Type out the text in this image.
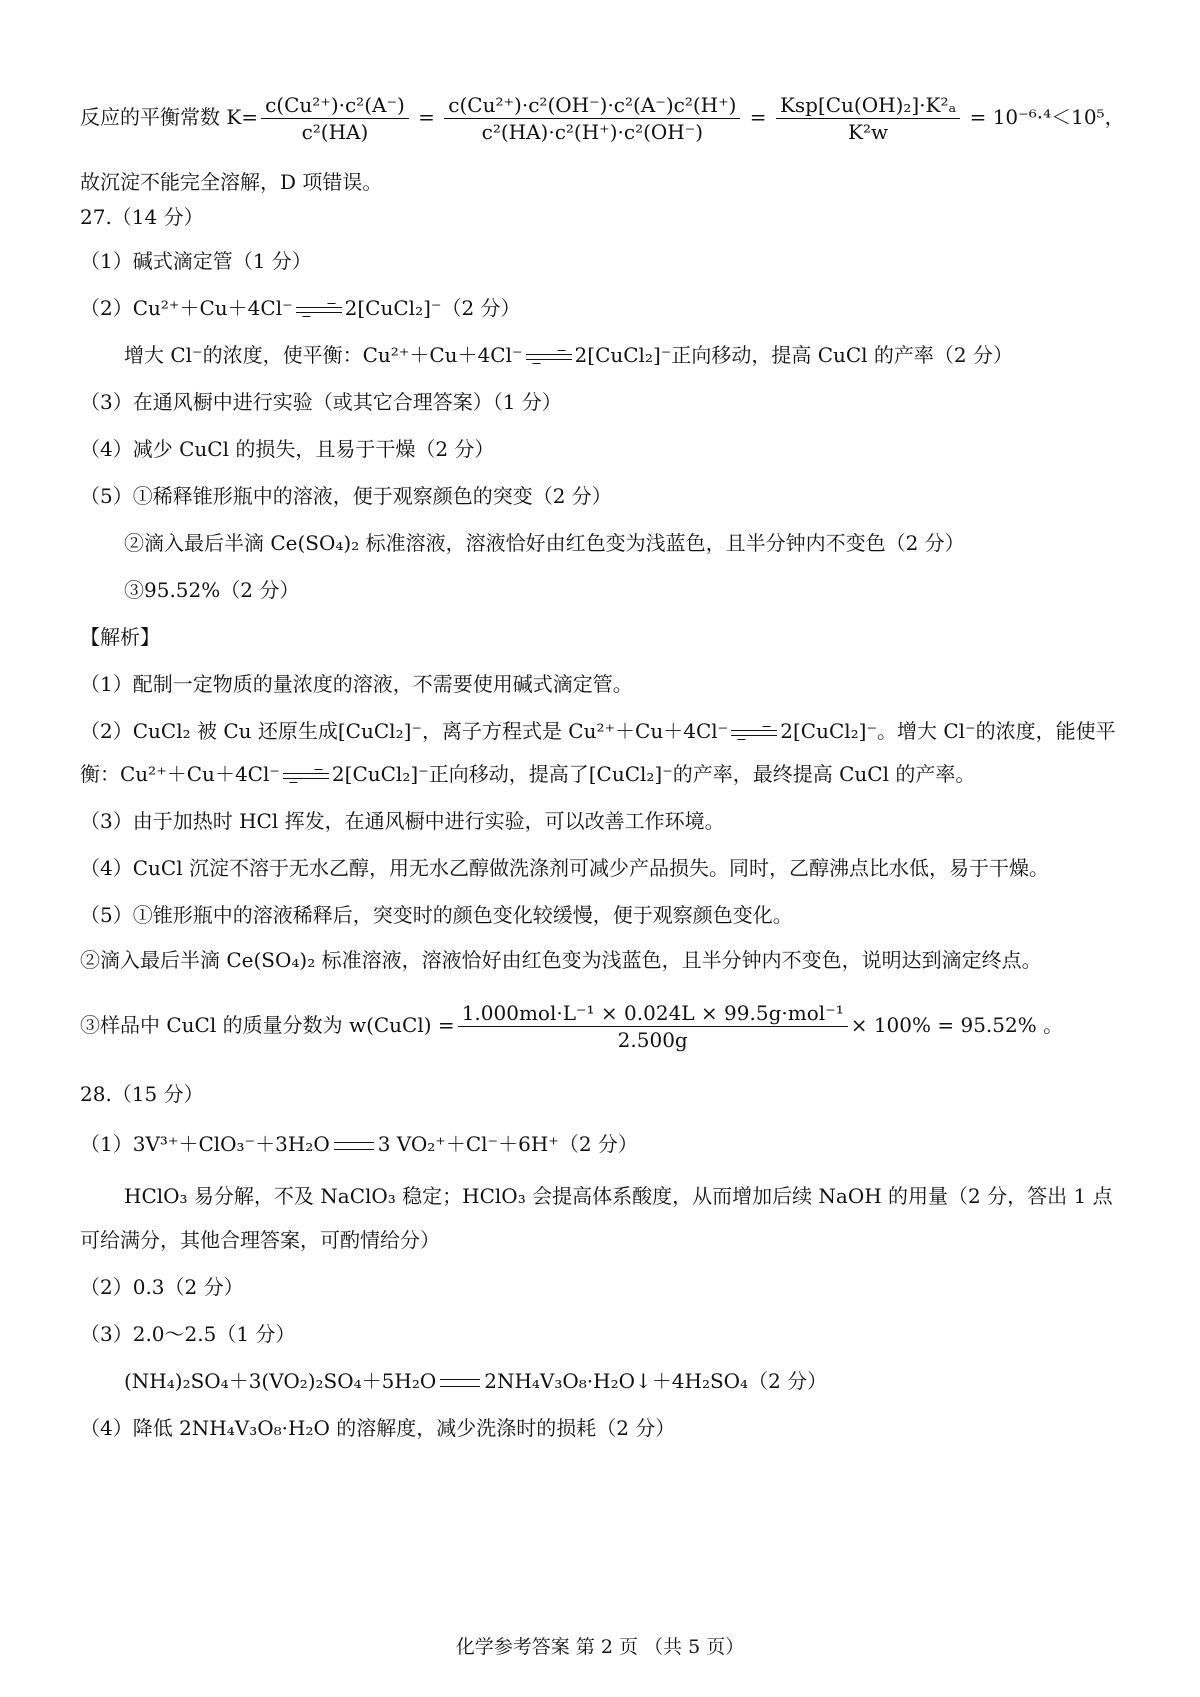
反应的平衡常数 $K= \frac{\text{c(Cu²⁺)·c²(A⁻)}}{\text{c²(HA)}} = \frac{\text{c(Cu²⁺)·c²(OH⁻)·c²(A⁻)c²(H⁺)}}{\text{c²(HA)·c²(H⁺)·c²(OH⁻)}} = \frac{\text{Ksp[Cu(OH)₂]·K²ₐ}}{\text{K²w}} = 10^{-6}\cdot^4<10^5$，
故沉淀不能完全溶解，D 项错误。
27.（14 分）
（1）碱式滴定管（1 分）
（2）Cu²⁺＋Cu＋4Cl⁻	2[CuCl₂]⁻（2 分）
增大 Cl⁻的浓度，使平衡：Cu²⁺＋Cu＋4Cl⁻	2[CuCl₂]⁻正向移动，提高 CuCl 的产率（2 分）
（3）在通风橱中进行实验（或其它合理答案）（1 分）
（4）减少 CuCl 的损失，且易于干燥（2 分）
（5）①稀释锥形瓶中的溶液，便于观察颜色的突变（2 分）
②滴入最后半滴 Ce(SO₄)₂ 标准溶液，溶液恰好由红色变为浅蓝色，且半分钟内不变色（2 分）
③95.52%（2 分）
【解析】
（1）配制一定物质的量浓度的溶液，不需要使用碱式滴定管。
（2）CuCl₂ 被 Cu 还原生成[CuCl₂]⁻，离子方程式是 Cu²⁺＋Cu＋4Cl⁻	2[CuCl₂]⁻。增大 Cl⁻的浓度，能使平
衡：Cu²⁺＋Cu＋4Cl⁻	2[CuCl₂]⁻正向移动，提高了[CuCl₂]⁻的产率，最终提高 CuCl 的产率。
（3）由于加热时 HCl 挥发，在通风橱中进行实验，可以改善工作环境。
（4）CuCl 沉淀不溶于无水乙醇，用无水乙醇做洗涤剂可减少产品损失。同时，乙醇沸点比水低，易于干燥。
（5）①锥形瓶中的溶液稀释后，突变时的颜色变化较缓慢，便于观察颜色变化。
②滴入最后半滴 Ce(SO₄)₂ 标准溶液，溶液恰好由红色变为浅蓝色，且半分钟内不变色，说明达到滴定终点。
③样品中 CuCl 的质量分数为 w(CuCl) = $\frac{\text{1.000mol·L⁻¹ × 0.024L × 99.5g·mol⁻¹}}{2.500g} \times 100\% = 95.52\%$ 。
28.（15 分）
（1）3V³⁺＋ClO₃⁻＋3H₂O 3 VO₂⁺＋Cl⁻＋6H⁺（2 分）
HClO₃ 易分解，不及 NaClO₃ 稳定；HClO₃ 会提高体系酸度，从而增加后续 NaOH 的用量（2 分，答出 1 点
可给满分，其他合理答案，可酌情给分）
（2）0.3（2 分）
（3）2.0～2.5（1 分）
(NH₄)₂SO₄＋3(VO₂)₂SO₄＋5H₂O 2NH₄V₃O₈·H₂O↓＋4H₂SO₄（2 分）
（4）降低 2NH₄V₃O₈·H₂O 的溶解度，减少洗涤时的损耗（2 分）
化学参考答案 第 2 页 （共 5 页）
